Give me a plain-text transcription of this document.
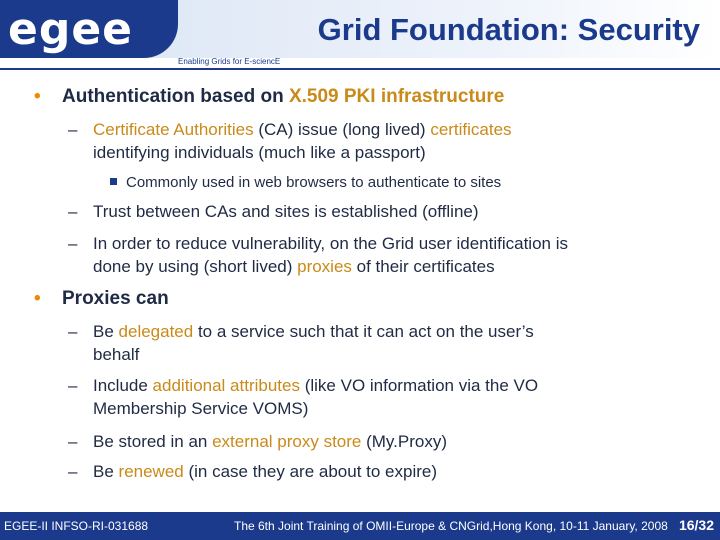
egee	Grid Foundation: Security
Enabling Grids for E-sciencE
• Authentication based on X.509 PKI infrastructure
– Certificate Authorities (CA) issue (long lived) certificates
identifying individuals (much like a passport)
Commonly used in web browsers to authenticate to sites
– Trust between CAs and sites is established (offline)
– In order to reduce vulnerability, on the Grid user identification is
done by using (short lived) proxies of their certificates
• Proxies can
– Be delegated to a service such that it can act on the user’s
behalf
– Include additional attributes (like VO information via the VO
Membership Service VOMS)
– Be stored in an external proxy store (My.Proxy)
– Be renewed (in case they are about to expire)
EGEE-II INFSO-RI-031688	The 6th Joint Training of OMII-Europe & CNGrid,Hong Kong, 10-11 January, 2008 16/32
